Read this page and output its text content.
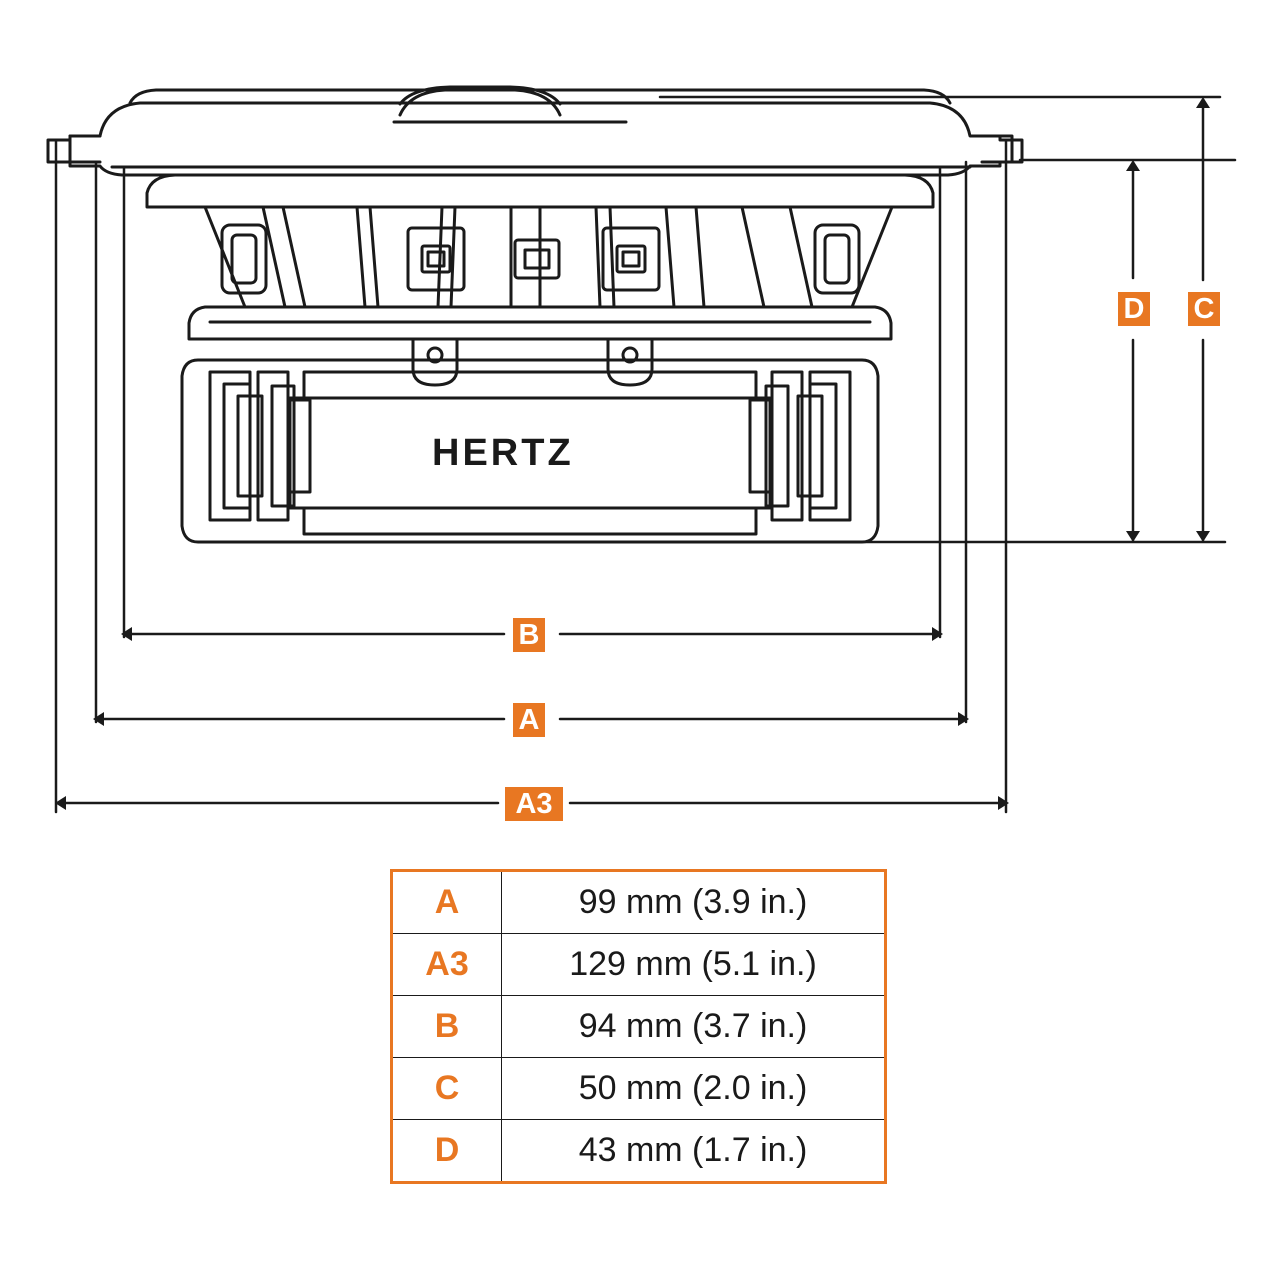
HERTZ
D C
B
A
A3
A	99 mm (3.9 in.)
A3	129 mm (5.1 in.)
B	94 mm (3.7 in.)
C	50 mm (2.0 in.)
D	43 mm (1.7 in.)
